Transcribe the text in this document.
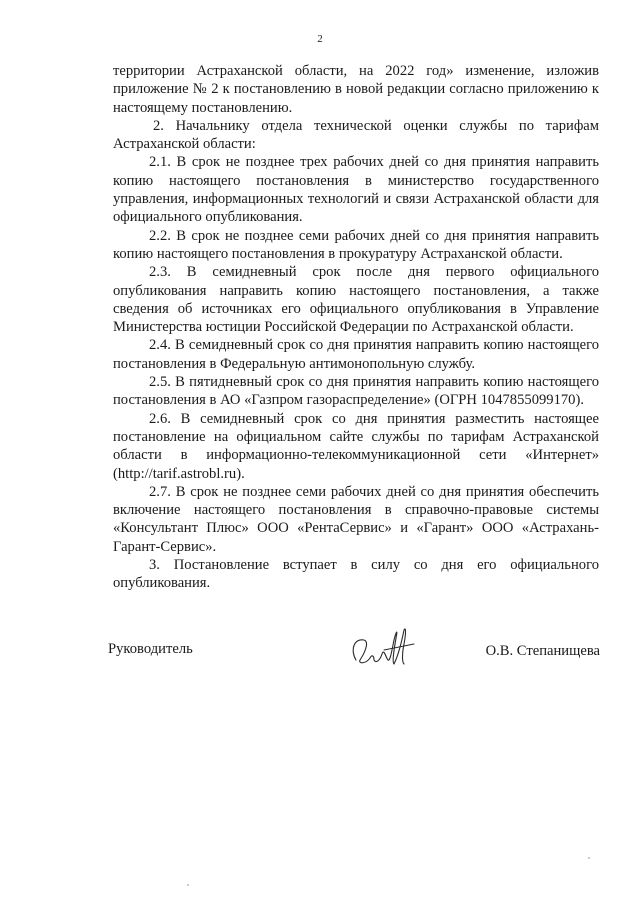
2

территории Астраханской области, на 2022 год» изменение, изложив приложение № 2 к постановлению в новой редакции согласно приложению к настоящему постановлению.

2. Начальнику отдела технической оценки службы по тарифам Астраханской области:

2.1. В срок не позднее трех рабочих дней со дня принятия направить копию настоящего постановления в министерство государственного управления, информационных технологий и связи Астраханской области для официального опубликования.

2.2. В срок не позднее семи рабочих дней со дня принятия направить копию настоящего постановления в прокуратуру Астраханской области.

2.3. В семидневный срок после дня первого официального опубликования направить копию настоящего постановления, а также сведения об источниках его официального опубликования в Управление Министерства юстиции Российской Федерации по Астраханской области.

2.4. В семидневный срок со дня принятия направить копию настоящего постановления в Федеральную антимонопольную службу.

2.5. В пятидневный срок со дня принятия направить копию настоящего постановления в АО «Газпром газораспределение» (ОГРН 1047855099170).

2.6. В семидневный срок со дня принятия разместить настоящее постановление на официальном сайте службы по тарифам Астраханской области в информационно-телекоммуникационной сети «Интернет» (http://tarif.astrobl.ru).

2.7. В срок не позднее семи рабочих дней со дня принятия обеспечить включение настоящего постановления в справочно-правовые системы «Консультант Плюс» ООО «РентаСервис» и «Гарант» ООО «Астрахань-Гарант-Сервис».

3. Постановление вступает в силу со дня его официального опубликования.

Руководитель	О.В. Степанищева
